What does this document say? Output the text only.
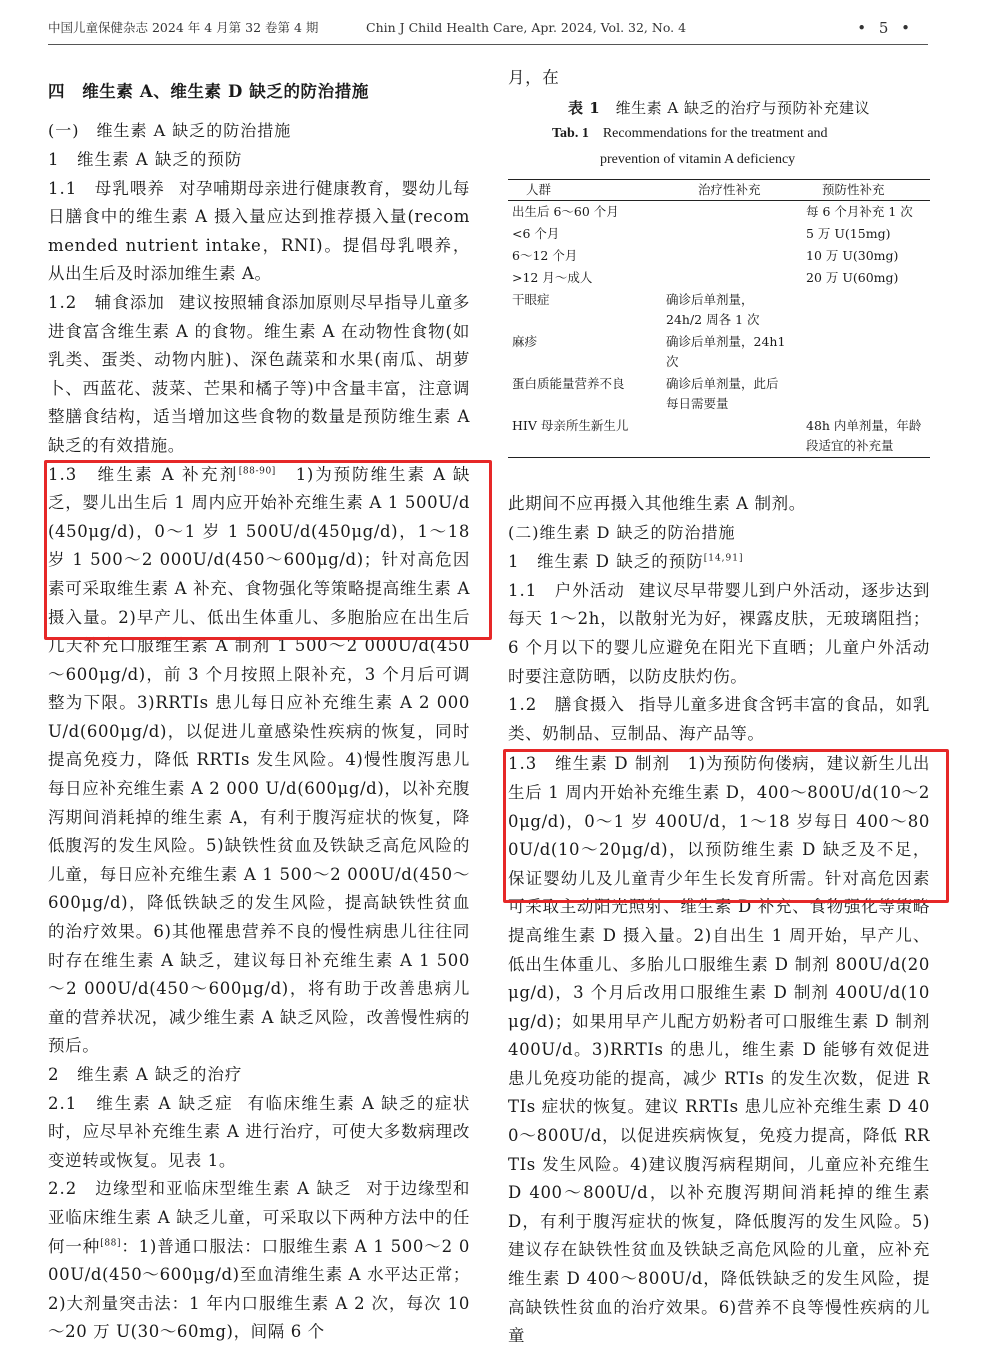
中国儿童保健杂志 2024 年 4 月第 32 卷第 4 期	Chin J Child Health Care, Apr. 2024, Vol. 32, No. 4	• 5 •
四　维生素 A、维生素 D 缺乏的防治措施
(一)　维生素 A 缺乏的防治措施
1　维生素 A 缺乏的预防

1.1　母乳喂养 对孕哺期母亲进行健康教育，婴幼儿每日膳食中的维生素 A 摄入量应达到推荐摄入量(recommended nutrient intake，RNI)。提倡母乳喂养，从出生后及时添加维生素 A。

1.2　辅食添加 建议按照辅食添加原则尽早指导儿童多进食富含维生素 A 的食物。维生素 A 在动物性食物(如乳类、蛋类、动物内脏)、深色蔬菜和水果(南瓜、胡萝卜、西蓝花、菠菜、芒果和橘子等)中含量丰富，注意调整膳食结构，适当增加这些食物的数量是预防维生素 A 缺乏的有效措施。

1.3　维生素 A 补充剂[88-90]　1)为预防维生素 A 缺乏，婴儿出生后 1 周内应开始补充维生素 A 1 500U/d(450μg/d)，0～1 岁 1 500U/d(450μg/d)，1～18 岁 1 500～2 000U/d(450～600μg/d)；针对高危因素可采取维生素 A 补充、食物强化等策略提高维生素 A 摄入量。2)早产儿、低出生体重儿、多胞胎应在出生后几天补充口服维生素 A 制剂 1 500～2 000U/d(450～600μg/d)，前 3 个月按照上限补充，3 个月后可调整为下限。3)RRTIs 患儿每日应补充维生素 A 2 000U/d(600μg/d)，以促进儿童感染性疾病的恢复，同时提高免疫力，降低 RRTIs 发生风险。4)慢性腹泻患儿每日应补充维生素 A 2 000 U/d(600μg/d)，以补充腹泻期间消耗掉的维生素 A，有利于腹泻症状的恢复，降低腹泻的发生风险。5)缺铁性贫血及铁缺乏高危风险的儿童，每日应补充维生素 A 1 500～2 000U/d(450～600μg/d)，降低铁缺乏的发生风险，提高缺铁性贫血的治疗效果。6)其他罹患营养不良的慢性病患儿往往同时存在维生素 A 缺乏，建议每日补充维生素 A 1 500～2 000U/d(450～600μg/d)，将有助于改善患病儿童的营养状况，减少维生素 A 缺乏风险，改善慢性病的预后。

2　维生素 A 缺乏的治疗

2.1　维生素 A 缺乏症 有临床维生素 A 缺乏的症状时，应尽早补充维生素 A 进行治疗，可使大多数病理改变逆转或恢复。见表 1。

2.2　边缘型和亚临床型维生素 A 缺乏 对于边缘型和亚临床维生素 A 缺乏儿童，可采取以下两种方法中的任何一种[88]：1)普通口服法：口服维生素 A 1 500～2 000U/d(450～600μg/d)至血清维生素 A 水平达正常；2)大剂量突击法：1 年内口服维生素 A 2 次，每次 10～20 万 U(30～60mg)，间隔 6 个

月，在

表 1　 维生素 A 缺乏的治疗与预防补充建议
Tab. 1　 Recommendations for the treatment and
prevention of vitamin A deficiency
人群	治疗性补充	预防性补充
出生后 6～60 个月		每 6 个月补充 1 次
<6 个月		5 万 U(15mg)
6～12 个月		10 万 U(30mg)
>12 月～成人		20 万 U(60mg)
干眼症	确诊后单剂量，24h/2 周各 1 次	
麻疹	确诊后单剂量，24h1 次	
蛋白质能量营养不良	确诊后单剂量，此后每日需要量	
HIV 母亲所生新生儿		48h 内单剂量，年龄段适宜的补充量

此期间不应再摄入其他维生素 A 制剂。

(二)维生素 D 缺乏的防治措施
1　维生素 D 缺乏的预防[14,91]

1.1　户外活动 建议尽早带婴儿到户外活动，逐步达到每天 1～2h，以散射光为好，裸露皮肤，无玻璃阻挡；6 个月以下的婴儿应避免在阳光下直晒；儿童户外活动时要注意防晒，以防皮肤灼伤。

1.2　膳食摄入 指导儿童多进食含钙丰富的食品，如乳类、奶制品、豆制品、海产品等。

1.3　维生素 D 制剂　1)为预防佝偻病，建议新生儿出生后 1 周内开始补充维生素 D，400～800U/d(10～20μg/d)，0～1 岁 400U/d，1～18 岁每日 400～800U/d(10～20μg/d)，以预防维生素 D 缺乏及不足，保证婴幼儿及儿童青少年生长发育所需。针对高危因素可采取主动阳光照射、维生素 D 补充、食物强化等策略提高维生素 D 摄入量。2)自出生 1 周开始，早产儿、低出生体重儿、多胎儿口服维生素 D 制剂 800U/d(20μg/d)，3 个月后改用口服维生素 D 制剂 400U/d(10μg/d)；如果用早产儿配方奶粉者可口服维生素 D 制剂 400U/d。3)RRTIs 的患儿，维生素 D 能够有效促进患儿免疫功能的提高，减少 RTIs 的发生次数，促进 RTIs 症状的恢复。建议 RRTIs 患儿应补充维生素 D 400～800U/d，以促进疾病恢复，免疫力提高，降低 RRTIs 发生风险。4)建议腹泻病程期间，儿童应补充维生 D 400～800U/d，以补充腹泻期间消耗掉的维生素 D，有利于腹泻症状的恢复，降低腹泻的发生风险。5)建议存在缺铁性贫血及铁缺乏高危风险的儿童，应补充维生素 D 400～800U/d，降低铁缺乏的发生风险，提高缺铁性贫血的治疗效果。6)营养不良等慢性疾病的儿童
